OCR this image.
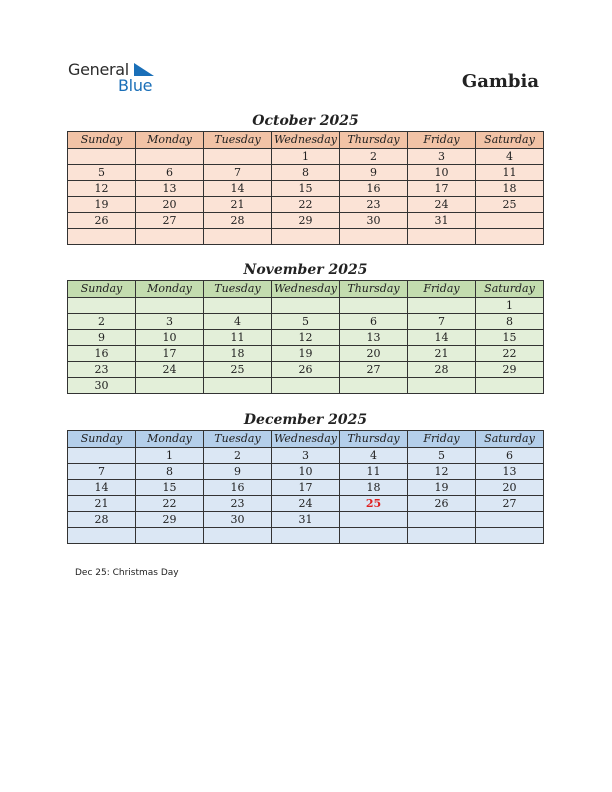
General
Blue	Gambia
October 2025
Sunday	Monday	Tuesday	Wednesday	Thursday	Friday	Saturday
			1	2	3	4
5	6	7	8	9	10	11
12	13	14	15	16	17	18
19	20	21	22	23	24	25
26	27	28	29	30	31	

November 2025
Sunday	Monday	Tuesday	Wednesday	Thursday	Friday	Saturday
						1
2	3	4	5	6	7	8
9	10	11	12	13	14	15
16	17	18	19	20	21	22
23	24	25	26	27	28	29
30						
December 2025
Sunday	Monday	Tuesday	Wednesday	Thursday	Friday	Saturday
	1	2	3	4	5	6
7	8	9	10	11	12	13
14	15	16	17	18	19	20
21	22	23	24	25	26	27
28	29	30	31			

Dec 25: Christmas Day
